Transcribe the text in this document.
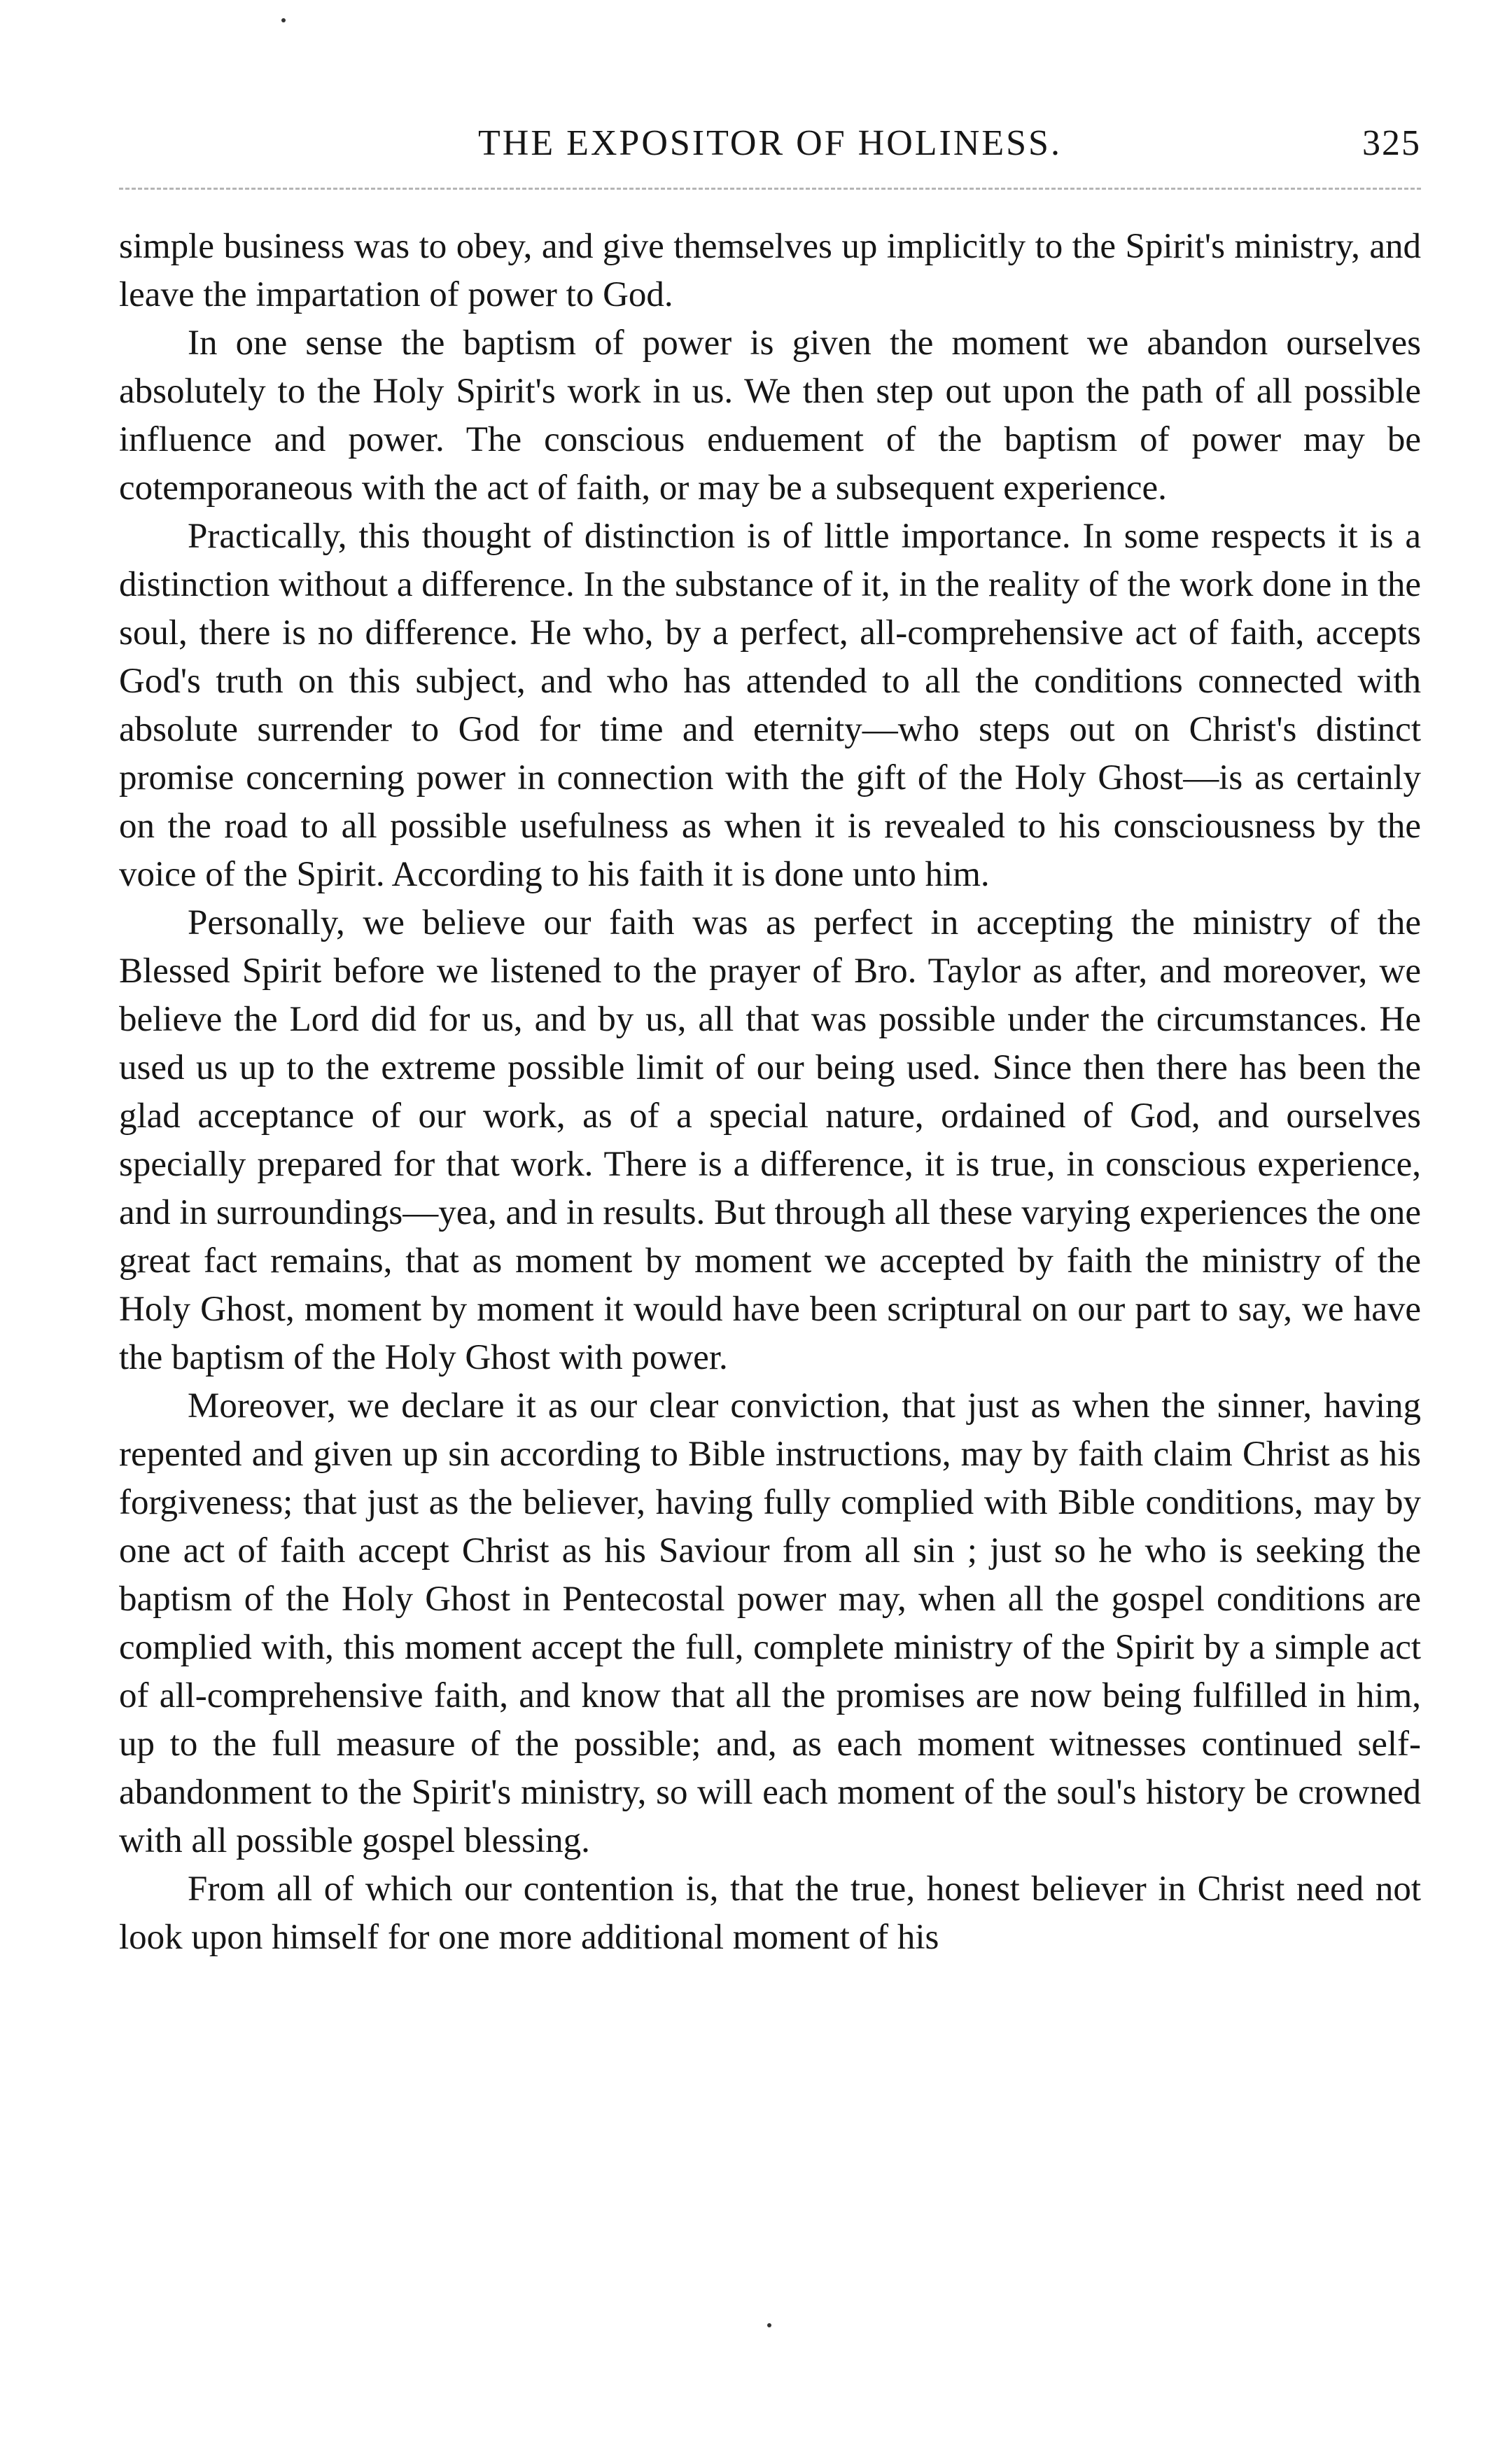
THE EXPOSITOR OF HOLINESS.	325

simple business was to obey, and give themselves up implicitly to the Spirit's ministry, and leave the impartation of power to God.

In one sense the baptism of power is given the moment we abandon ourselves absolutely to the Holy Spirit's work in us. We then step out upon the path of all possible influence and power. The conscious enduement of the baptism of power may be cotemporaneous with the act of faith, or may be a subsequent experience.

Practically, this thought of distinction is of little importance. In some respects it is a distinction without a difference. In the substance of it, in the reality of the work done in the soul, there is no difference. He who, by a perfect, all-comprehensive act of faith, accepts God's truth on this subject, and who has attended to all the conditions connected with absolute surrender to God for time and eternity—who steps out on Christ's distinct promise concerning power in connection with the gift of the Holy Ghost—is as certainly on the road to all possible usefulness as when it is revealed to his consciousness by the voice of the Spirit. According to his faith it is done unto him.

Personally, we believe our faith was as perfect in accepting the ministry of the Blessed Spirit before we listened to the prayer of Bro. Taylor as after, and moreover, we believe the Lord did for us, and by us, all that was possible under the circumstances. He used us up to the extreme possible limit of our being used. Since then there has been the glad acceptance of our work, as of a special nature, ordained of God, and ourselves specially prepared for that work. There is a difference, it is true, in conscious experience, and in surroundings—yea, and in results. But through all these varying experiences the one great fact remains, that as moment by moment we accepted by faith the ministry of the Holy Ghost, moment by moment it would have been scriptural on our part to say, we have the baptism of the Holy Ghost with power.

Moreover, we declare it as our clear conviction, that just as when the sinner, having repented and given up sin according to Bible instructions, may by faith claim Christ as his forgiveness; that just as the believer, having fully complied with Bible conditions, may by one act of faith accept Christ as his Saviour from all sin ; just so he who is seeking the baptism of the Holy Ghost in Pentecostal power may, when all the gospel conditions are complied with, this moment accept the full, complete ministry of the Spirit by a simple act of all-comprehensive faith, and know that all the promises are now being fulfilled in him, up to the full measure of the possible; and, as each moment witnesses continued self-abandonment to the Spirit's ministry, so will each moment of the soul's history be crowned with all possible gospel blessing.

From all of which our contention is, that the true, honest believer in Christ need not look upon himself for one more additional moment of his
